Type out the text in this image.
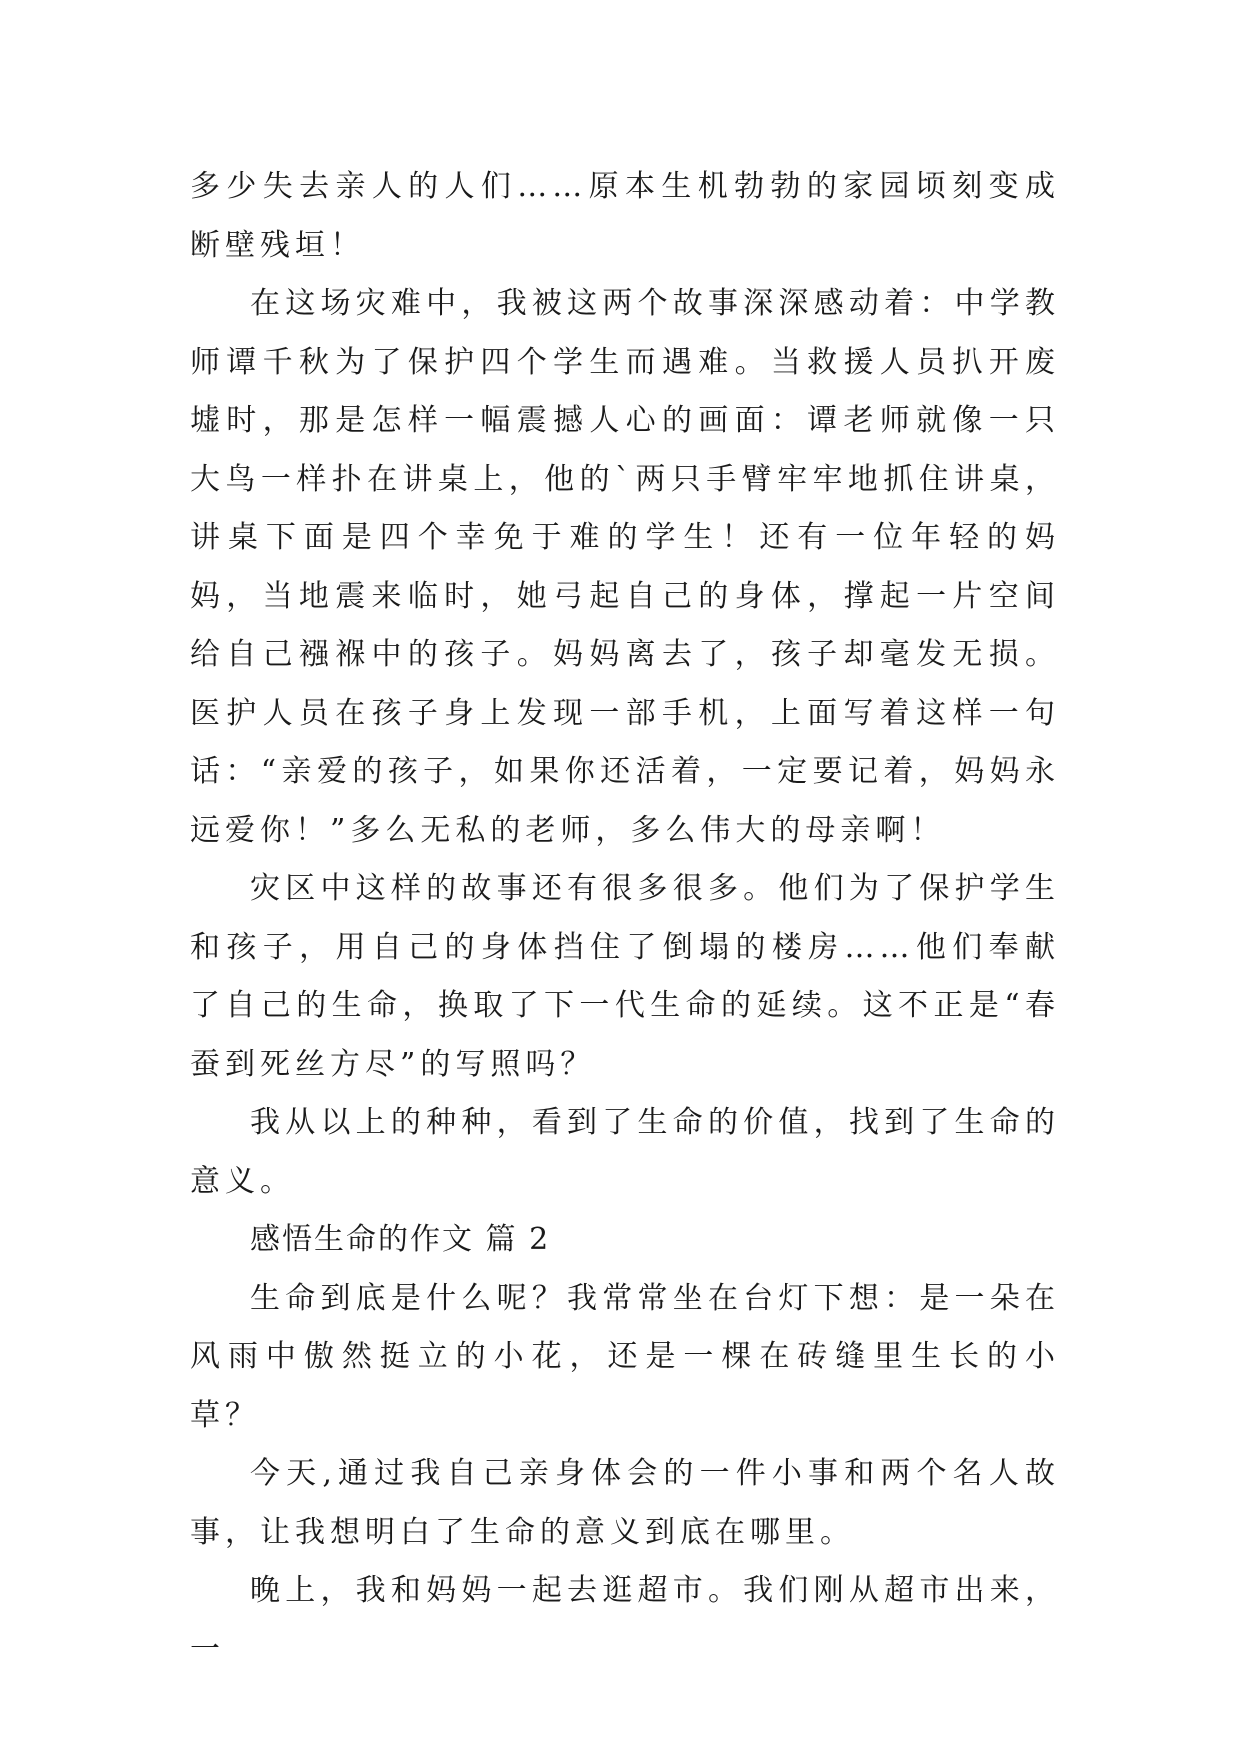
多少失去亲人的人们……原本生机勃勃的家园顷刻变成断壁残垣！

在这场灾难中，我被这两个故事深深感动着：中学教师谭千秋为了保护四个学生而遇难。当救援人员扒开废墟时，那是怎样一幅震撼人心的画面：谭老师就像一只大鸟一样扑在讲桌上，他的`两只手臂牢牢地抓住讲桌，讲桌下面是四个幸免于难的学生！还有一位年轻的妈妈，当地震来临时，她弓起自己的身体，撑起一片空间给自己襁褓中的孩子。妈妈离去了，孩子却毫发无损。医护人员在孩子身上发现一部手机，上面写着这样一句话：“亲爱的孩子，如果你还活着，一定要记着，妈妈永远爱你！”多么无私的老师，多么伟大的母亲啊！

灾区中这样的故事还有很多很多。他们为了保护学生和孩子，用自己的身体挡住了倒塌的楼房……他们奉献了自己的生命，换取了下一代生命的延续。这不正是“春蚕到死丝方尽”的写照吗？

我从以上的种种，看到了生命的价值，找到了生命的意义。

感悟生命的作文 篇 2

生命到底是什么呢？我常常坐在台灯下想：是一朵在风雨中傲然挺立的小花，还是一棵在砖缝里生长的小草？

今天,通过我自己亲身体会的一件小事和两个名人故事，让我想明白了生命的意义到底在哪里。

晚上，我和妈妈一起去逛超市。我们刚从超市出来，一
